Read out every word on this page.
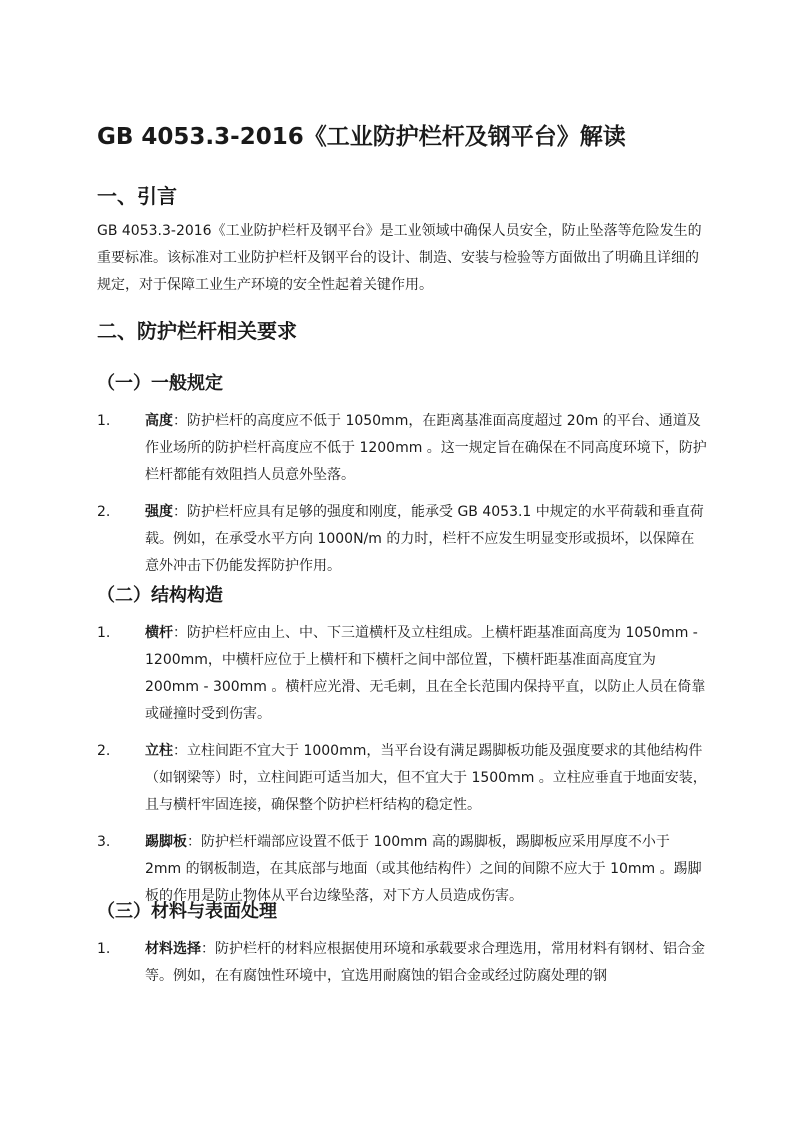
GB 4053.3-2016《工业防护栏杆及钢平台》解读
一、引言

GB 4053.3-2016《工业防护栏杆及钢平台》是工业领域中确保人员安全，防止坠落等危险发生的重要标准。该标准对工业防护栏杆及钢平台的设计、制造、安装与检验等方面做出了明确且详细的规定，对于保障工业生产环境的安全性起着关键作用。

二、防护栏杆相关要求
（一）一般规定
1.	高度：防护栏杆的高度应不低于 1050mm，在距离基准面高度超过 20m 的平台、通道及作业场所的防护栏杆高度应不低于 1200mm 。这一规定旨在确保在不同高度环境下，防护栏杆都能有效阻挡人员意外坠落。
2.	强度：防护栏杆应具有足够的强度和刚度，能承受 GB 4053.1 中规定的水平荷载和垂直荷载。例如，在承受水平方向 1000N/m 的力时，栏杆不应发生明显变形或损坏，以保障在意外冲击下仍能发挥防护作用。
（二）结构构造
1.	横杆：防护栏杆应由上、中、下三道横杆及立柱组成。上横杆距基准面高度为 1050mm - 1200mm，中横杆应位于上横杆和下横杆之间中部位置，下横杆距基准面高度宜为 200mm - 300mm 。横杆应光滑、无毛刺，且在全长范围内保持平直，以防止人员在倚靠或碰撞时受到伤害。
2.	立柱：立柱间距不宜大于 1000mm，当平台设有满足踢脚板功能及强度要求的其他结构件（如钢梁等）时，立柱间距可适当加大，但不宜大于 1500mm 。立柱应垂直于地面安装，且与横杆牢固连接，确保整个防护栏杆结构的稳定性。
3.	踢脚板：防护栏杆端部应设置不低于 100mm 高的踢脚板，踢脚板应采用厚度不小于 2mm 的钢板制造，在其底部与地面（或其他结构件）之间的间隙不应大于 10mm 。踢脚板的作用是防止物体从平台边缘坠落，对下方人员造成伤害。
（三）材料与表面处理
1.	材料选择：防护栏杆的材料应根据使用环境和承载要求合理选用，常用材料有钢材、铝合金等。例如，在有腐蚀性环境中，宜选用耐腐蚀的铝合金或经过防腐处理的钢
